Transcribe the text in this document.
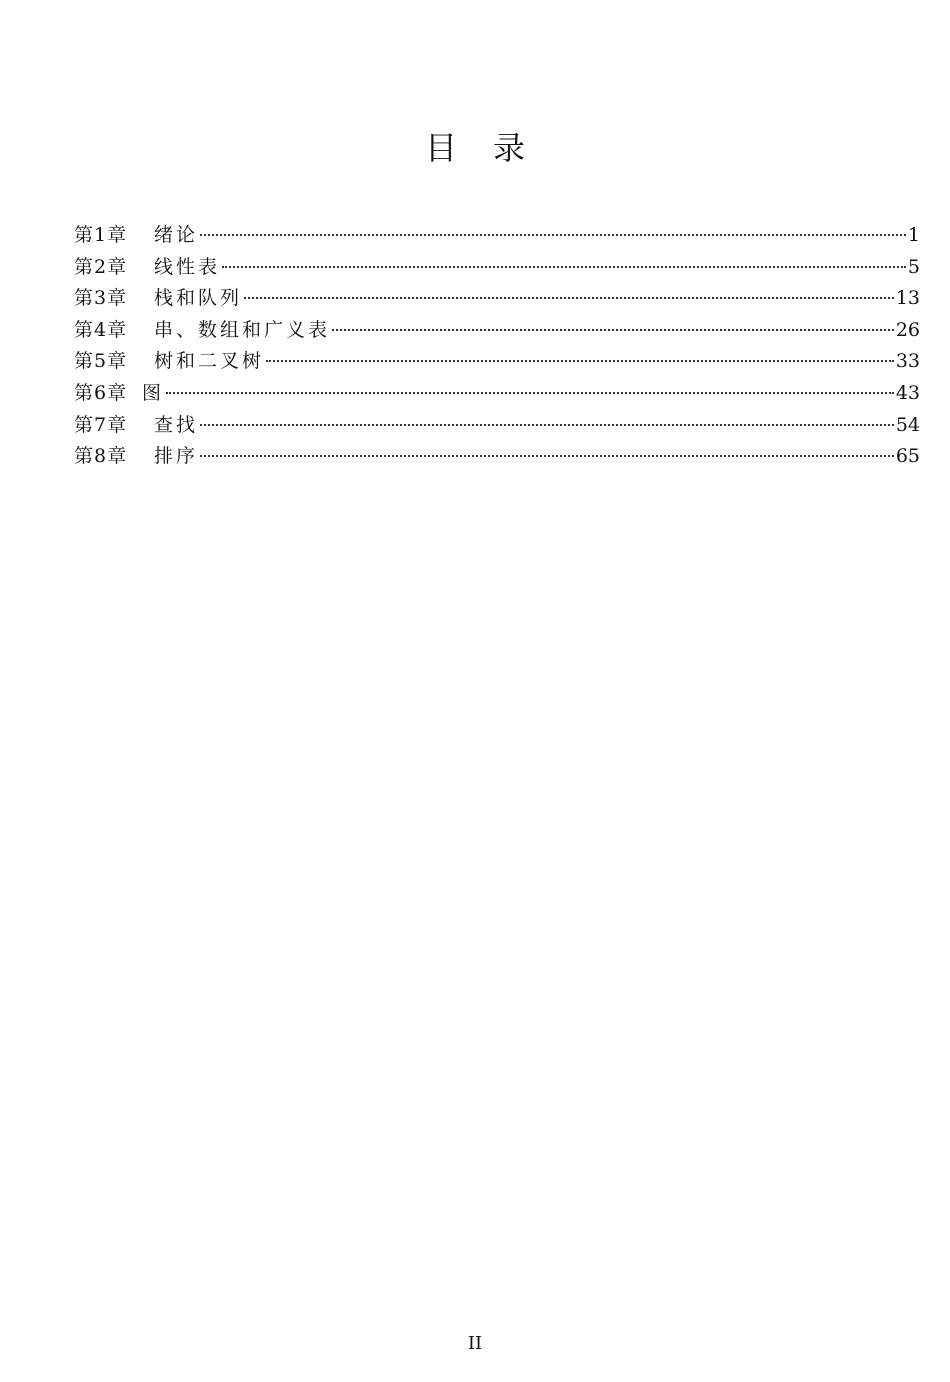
目 录
第1章	绪论	1
第2章	线性表	5
第3章	栈和队列	13
第4章	串、数组和广义表	26
第5章	树和二叉树	33
第6章 图	43
第7章	查找	54
第8章	排序	65
II
